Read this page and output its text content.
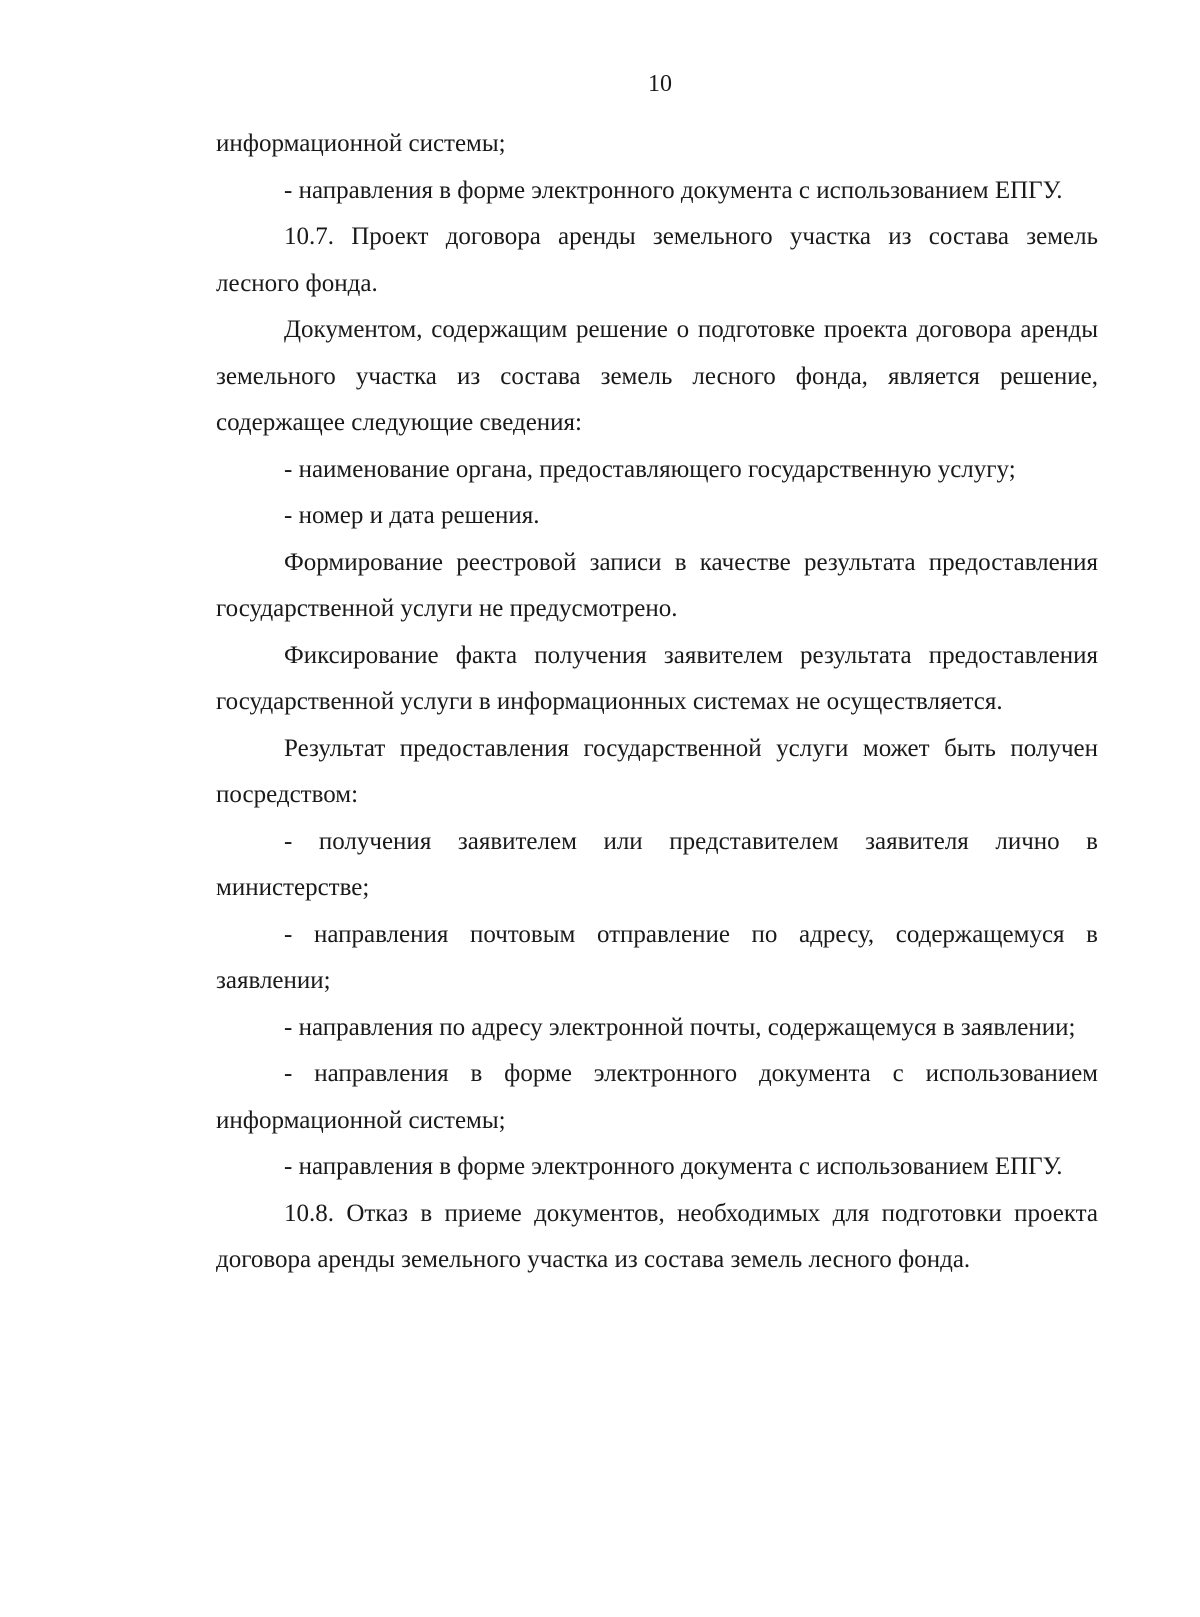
10

информационной системы;

- направления в форме электронного документа с использованием ЕПГУ.

10.7. Проект договора аренды земельного участка из состава земель лесного фонда.

Документом, содержащим решение о подготовке проекта договора аренды земельного участка из состава земель лесного фонда, является решение, содержащее следующие сведения:

- наименование органа, предоставляющего государственную услугу;

- номер и дата решения.

Формирование реестровой записи в качестве результата предоставления государственной услуги не предусмотрено.

Фиксирование факта получения заявителем результата предоставления государственной услуги в информационных системах не осуществляется.

Результат предоставления государственной услуги может быть получен посредством:

- получения заявителем или представителем заявителя лично в министерстве;

- направления почтовым отправление по адресу, содержащемуся в заявлении;

- направления по адресу электронной почты, содержащемуся в заявлении;

- направления в форме электронного документа с использованием информационной системы;

- направления в форме электронного документа с использованием ЕПГУ.

10.8. Отказ в приеме документов, необходимых для подготовки проекта договора аренды земельного участка из состава земель лесного фонда.
